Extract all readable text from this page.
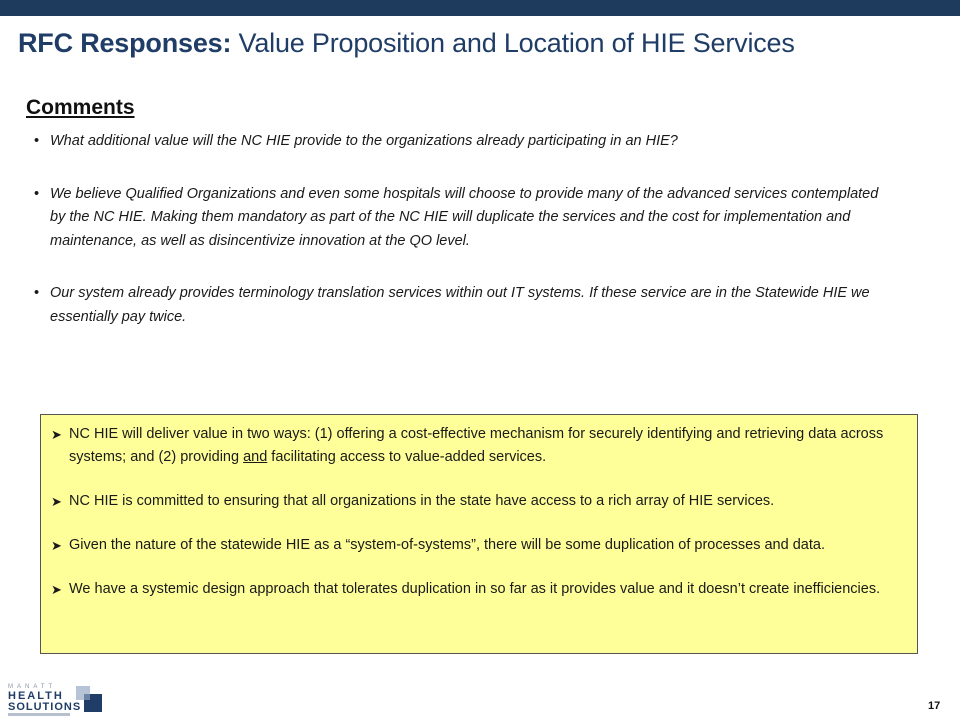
RFC Responses: Value Proposition and Location of HIE Services
Comments
• What additional value will the NC HIE provide to the organizations already participating in an HIE?
• We believe Qualified Organizations and even some hospitals will choose to provide many of the advanced services contemplated by the NC HIE. Making them mandatory as part of the NC HIE will duplicate the services and the cost for implementation and maintenance, as well as disincentivize innovation at the QO level.
• Our system already provides terminology translation services within out IT systems. If these service are in the Statewide HIE we essentially pay twice.
➤ NC HIE will deliver value in two ways: (1) offering a cost-effective mechanism for securely identifying and retrieving data across systems; and (2) providing and facilitating access to value-added services.
➤ NC HIE is committed to ensuring that all organizations in the state have access to a rich array of HIE services.
➤ Given the nature of the statewide HIE as a “system-of-systems”, there will be some duplication of processes and data.
➤ We have a systemic design approach that tolerates duplication in so far as it provides value and it doesn’t create inefficiencies.
MANATT
HEALTH
SOLUTIONS	17
